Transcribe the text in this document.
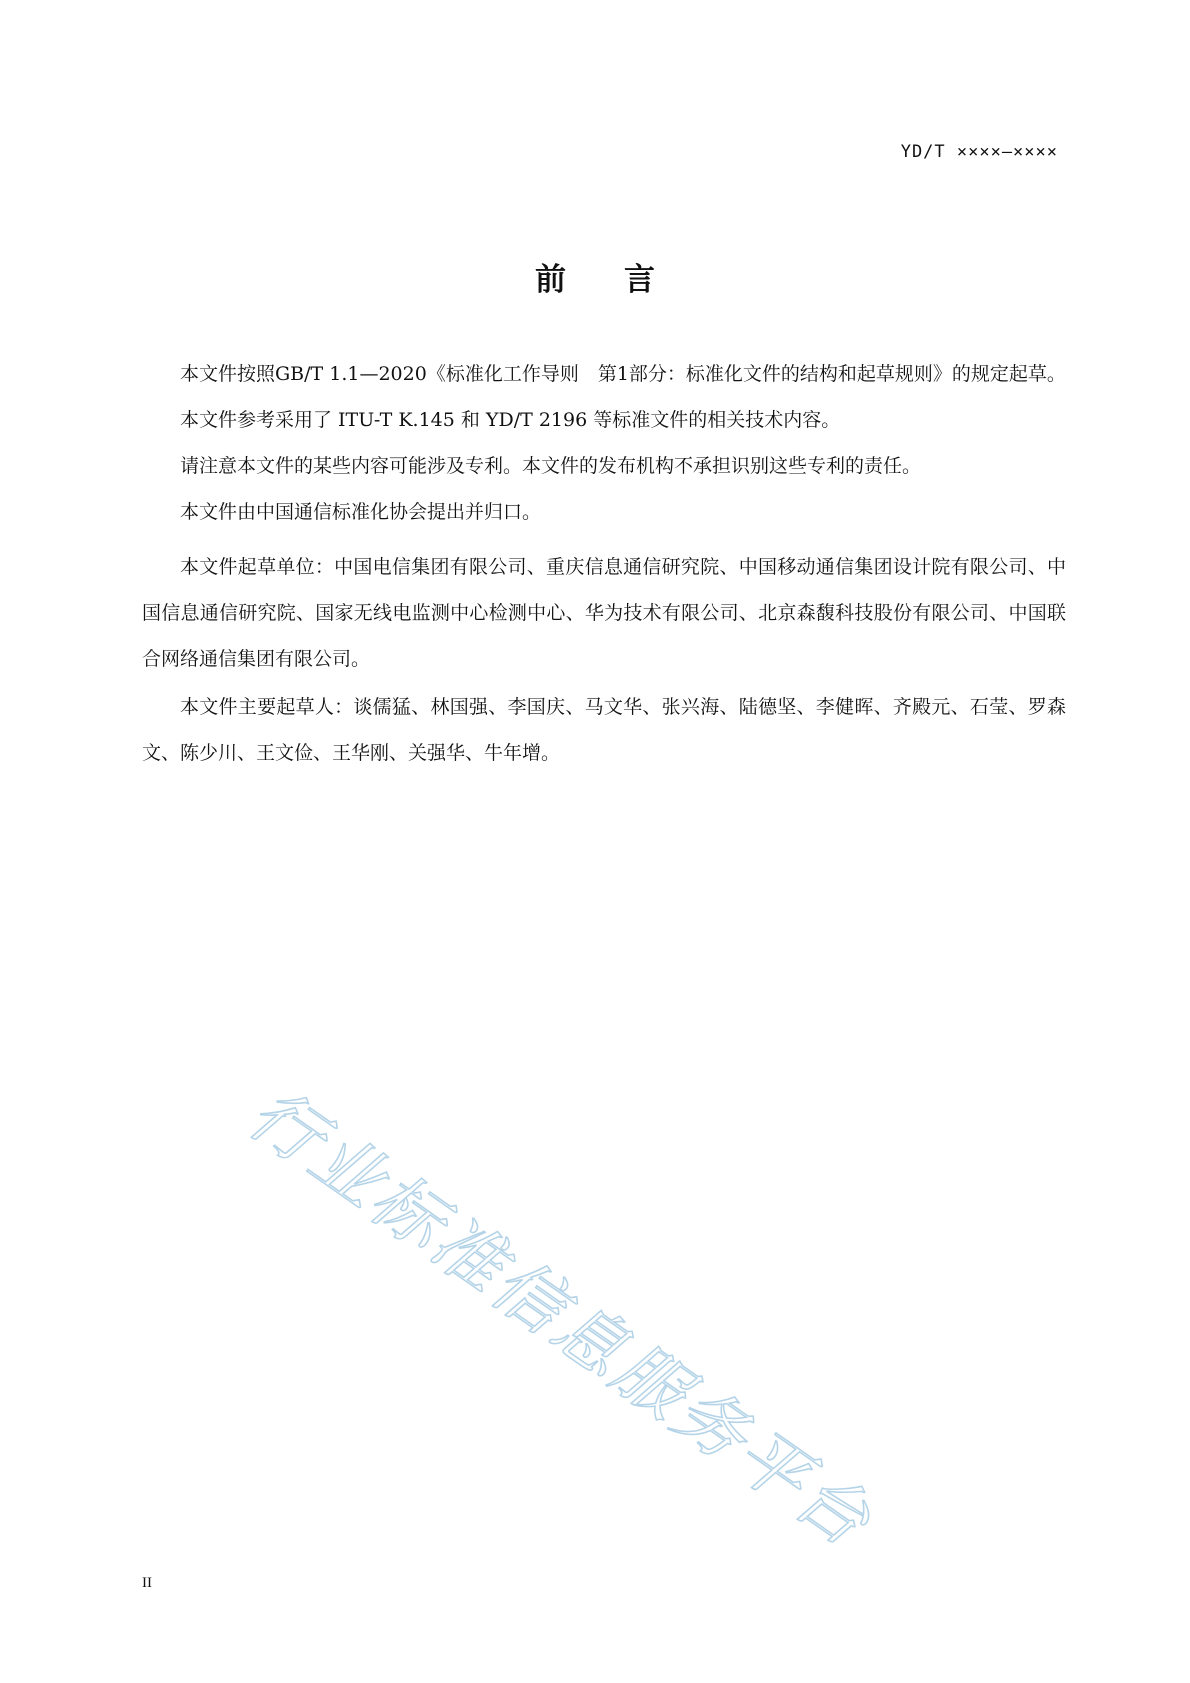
YD/T ××××—××××
前言

本文件按照GB/T 1.1—2020《标准化工作导则　第1部分：标准化文件的结构和起草规则》的规定起草。

本文件参考采用了 ITU-T K.145 和 YD/T 2196 等标准文件的相关技术内容。

请注意本文件的某些内容可能涉及专利。本文件的发布机构不承担识别这些专利的责任。

本文件由中国通信标准化协会提出并归口。

本文件起草单位：中国电信集团有限公司、重庆信息通信研究院、中国移动通信集团设计院有限公司、中国信息通信研究院、国家无线电监测中心检测中心、华为技术有限公司、北京森馥科技股份有限公司、中国联合网络通信集团有限公司。

本文件主要起草人：谈儒猛、林国强、李国庆、马文华、张兴海、陆德坚、李健晖、齐殿元、石莹、罗森文、陈少川、王文俭、王华刚、关强华、牛年增。

行业标准信息服务平台
II
